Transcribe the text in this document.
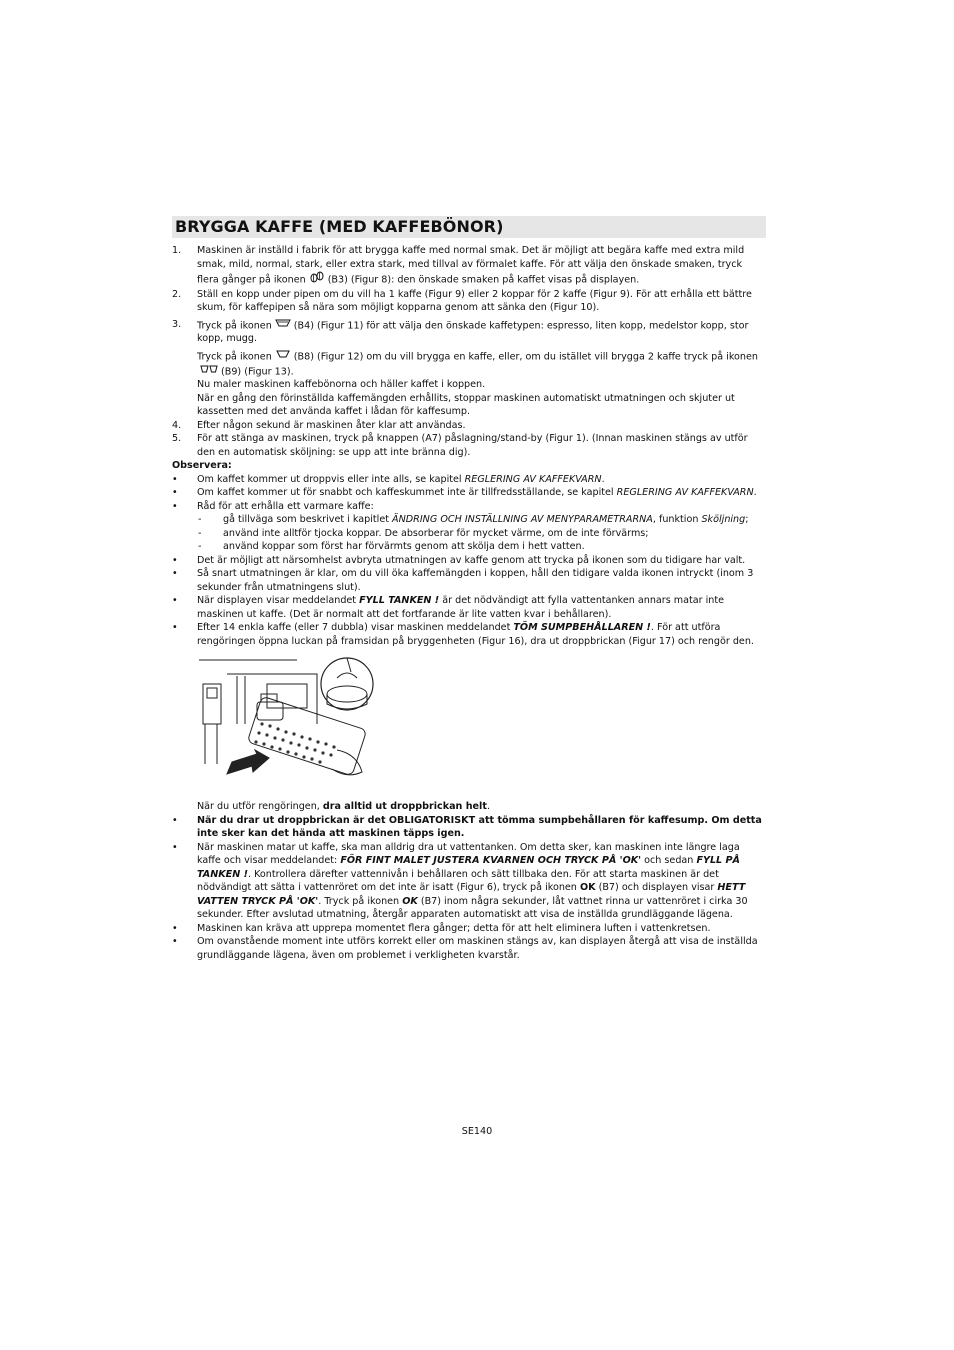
BRYGGA KAFFE (MED KAFFEBÖNOR)
1. Maskinen är inställd i fabrik för att brygga kaffe med normal smak. Det är möjligt att begära kaffe med extra mild smak, mild, normal, stark, eller extra stark, med tillval av förmalet kaffe. För att välja den önskade smaken, tryck flera gånger på ikonen (B3) (Figur 8): den önskade smaken på kaffet visas på displayen.

2. Ställ en kopp under pipen om du vill ha 1 kaffe (Figur 9) eller 2 koppar för 2 kaffe (Figur 9). För att erhålla ett bättre skum, för kaffepipen så nära som möjligt kopparna genom att sänka den (Figur 10).

3. Tryck på ikonen (B4) (Figur 11) för att välja den önskade kaffetypen: espresso, liten kopp, medelstor kopp, stor kopp, mugg.

Tryck på ikonen (B8) (Figur 12) om du vill brygga en kaffe, eller, om du istället vill brygga 2 kaffe tryck på ikonen(B9) (Figur 13).

Nu maler maskinen kaffebönorna och häller kaffet i koppen.

När en gång den förinställda kaffemängden erhållits, stoppar maskinen automatiskt utmatningen och skjuter ut kassetten med det använda kaffet i lådan för kaffesump.

4. Efter någon sekund är maskinen åter klar att användas.

5. För att stänga av maskinen, tryck på knappen (A7) påslagning/stand-by (Figur 1). (Innan maskinen stängs av utför den en automatisk sköljning: se upp att inte bränna dig).

Observera:

• Om kaffet kommer ut droppvis eller inte alls, se kapitel REGLERING AV KAFFEKVARN.

• Om kaffet kommer ut för snabbt och kaffeskummet inte är tillfredsställande, se kapitel REGLERING AV KAFFEKVARN.

• Råd för att erhålla ett varmare kaffe:

- gå tillväga som beskrivet i kapitlet ÄNDRING OCH INSTÄLLNING AV MENYPARAMETRARNA, funktion Sköljning;

- använd inte alltför tjocka koppar. De absorberar för mycket värme, om de inte förvärms;

- använd koppar som först har förvärmts genom att skölja dem i hett vatten.

• Det är möjligt att närsomhelst avbryta utmatningen av kaffe genom att trycka på ikonen som du tidigare har valt.

• Så snart utmatningen är klar, om du vill öka kaffemängden i koppen, håll den tidigare valda ikonen intryckt (inom 3 sekunder från utmatningens slut).

• När displayen visar meddelandet FYLL TANKEN ! är det nödvändigt att fylla vattentanken annars matar inte maskinen ut kaffe. (Det är normalt att det fortfarande är lite vatten kvar i behållaren).

• Efter 14 enkla kaffe (eller 7 dubbla) visar maskinen meddelandet TÖM SUMPBEHÅLLAREN !. För att utföra rengöringen öppna luckan på framsidan på bryggenheten (Figur 16), dra ut droppbrickan (Figur 17) och rengör den.

När du utför rengöringen, dra alltid ut droppbrickan helt.

• När du drar ut droppbrickan är det OBLIGATORISKT att tömma sumpbehållaren för kaffesump. Om detta inte sker kan det hända att maskinen täpps igen.

• När maskinen matar ut kaffe, ska man alldrig dra ut vattentanken. Om detta sker, kan maskinen inte längre laga kaffe och visar meddelandet: FÖR FINT MALET JUSTERA KVARNEN OCH TRYCK PÅ 'OK' och sedan FYLL PÅ TANKEN !. Kontrollera därefter vattennivån i behållaren och sätt tillbaka den. För att starta maskinen är det nödvändigt att sätta i vattenröret om det inte är isatt (Figur 6), tryck på ikonen OK (B7) och displayen visar HETT VATTEN TRYCK PÅ 'OK'. Tryck på ikonen OK (B7) inom några sekunder, låt vattnet rinna ur vattenröret i cirka 30 sekunder. Efter avslutad utmatning, återgår apparaten automatiskt att visa de inställda grundläggande lägena.

• Maskinen kan kräva att upprepa momentet flera gånger; detta för att helt eliminera luften i vattenkretsen.

• Om ovanstående moment inte utförs korrekt eller om maskinen stängs av, kan displayen återgå att visa de inställda grundläggande lägena, även om problemet i verkligheten kvarstår.

SE140
